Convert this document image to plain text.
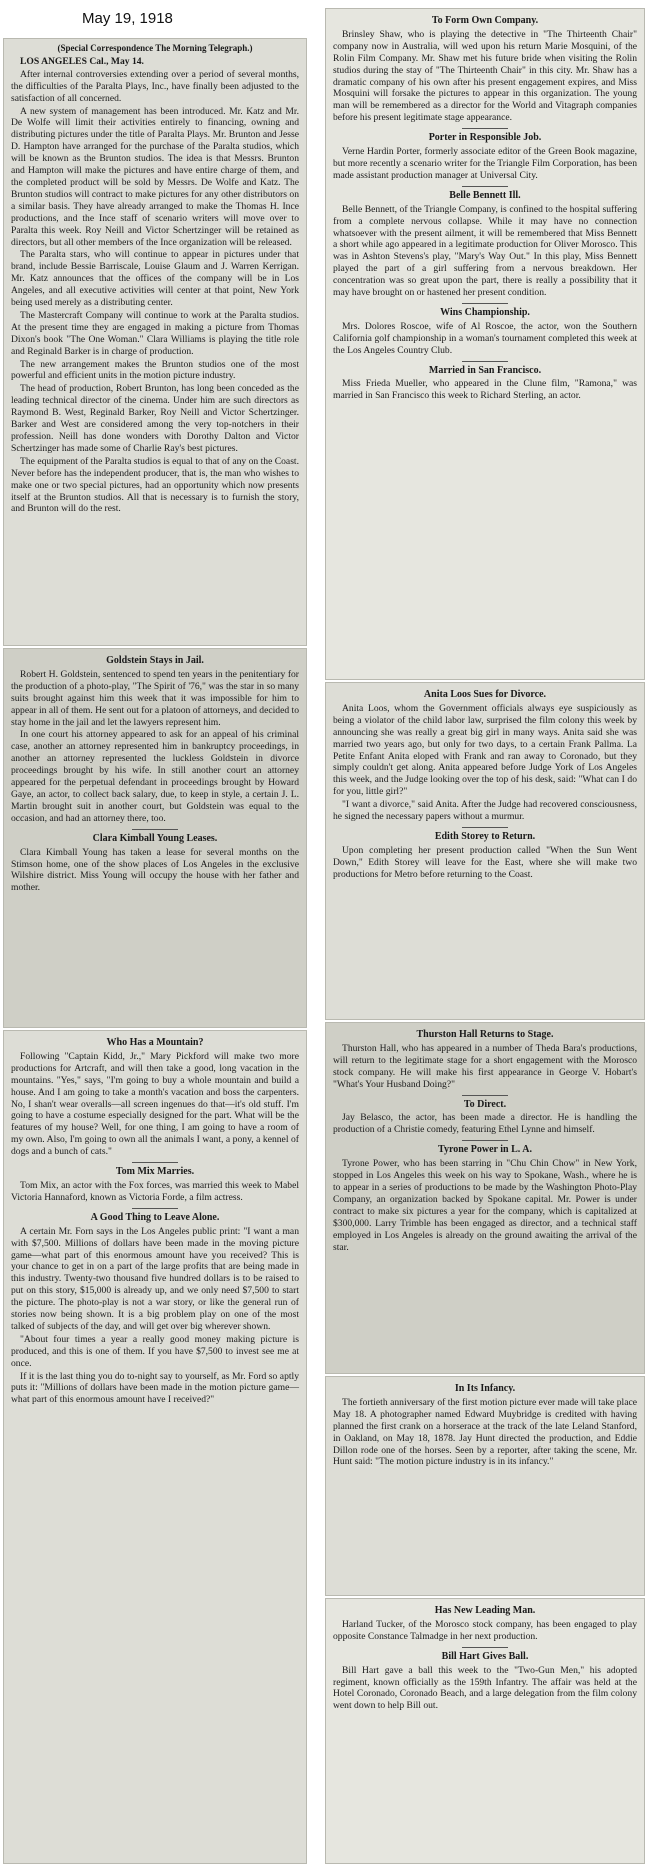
May 19, 1918
(Special Correspondence The Morning Telegraph.)

LOS ANGELES Cal., May 14.

After internal controversies extending over a period of several months, the difficulties of the Paralta Plays, Inc., have finally been adjusted to the satisfaction of all concerned.

A new system of management has been introduced. Mr. Katz and Mr. De Wolfe will limit their activities entirely to financing, owning and distributing pictures under the title of Paralta Plays. Mr. Brunton and Jesse D. Hampton have arranged for the purchase of the Paralta studios, which will be known as the Brunton studios. The idea is that Messrs. Brunton and Hampton will make the pictures and have entire charge of them, and the completed product will be sold by Messrs. De Wolfe and Katz. The Brunton studios will contract to make pictures for any other distributors on a similar basis. They have already arranged to make the Thomas H. Ince productions, and the Ince staff of scenario writers will move over to Paralta this week. Roy Neill and Victor Schertzinger will be retained as directors, but all other members of the Ince organization will be released.

The Paralta stars, who will continue to appear in pictures under that brand, include Bessie Barriscale, Louise Glaum and J. Warren Kerrigan. Mr. Katz announces that the offices of the company will be in Los Angeles, and all executive activities will center at that point, New York being used merely as a distributing center.

The Mastercraft Company will continue to work at the Paralta studios. At the present time they are engaged in making a picture from Thomas Dixon's book "The One Woman." Clara Williams is playing the title role and Reginald Barker is in charge of production.

The new arrangement makes the Brunton studios one of the most powerful and efficient units in the motion picture industry.

The head of production, Robert Brunton, has long been conceded as the leading technical director of the cinema. Under him are such directors as Raymond B. West, Reginald Barker, Roy Neill and Victor Schertzinger. Barker and West are considered among the very top-notchers in their profession. Neill has done wonders with Dorothy Dalton and Victor Schertzinger has made some of Charlie Ray's best pictures.

The equipment of the Paralta studios is equal to that of any on the Coast. Never before has the independent producer, that is, the man who wishes to make one or two special pictures, had an opportunity which now presents itself at the Brunton studios. All that is necessary is to furnish the story, and Brunton will do the rest.

Goldstein Stays in Jail.

Robert H. Goldstein, sentenced to spend ten years in the penitentiary for the production of a photo-play, "The Spirit of '76," was the star in so many suits brought against him this week that it was impossible for him to appear in all of them. He sent out for a platoon of attorneys, and decided to stay home in the jail and let the lawyers represent him.

In one court his attorney appeared to ask for an appeal of his criminal case, another an attorney represented him in bankruptcy proceedings, in another an attorney represented the luckless Goldstein in divorce proceedings brought by his wife. In still another court an attorney appeared for the perpetual defendant in proceedings brought by Howard Gaye, an actor, to collect back salary, due, to keep in style, a certain J. L. Martin brought suit in another court, but Goldstein was equal to the occasion, and had an attorney there, too.

Clara Kimball Young Leases.

Clara Kimball Young has taken a lease for several months on the Stimson home, one of the show places of Los Angeles in the exclusive Wilshire district. Miss Young will occupy the house with her father and mother.

Who Has a Mountain?

Following "Captain Kidd, Jr.," Mary Pickford will make two more productions for Artcraft, and will then take a good, long vacation in the mountains. "Yes," says, "I'm going to buy a whole mountain and build a house. And I am going to take a month's vacation and boss the carpenters. No, I shan't wear overalls—all screen ingenues do that—it's old stuff. I'm going to have a costume especially designed for the part. What will be the features of my house? Well, for one thing, I am going to have a room of my own. Also, I'm going to own all the animals I want, a pony, a kennel of dogs and a bunch of cats."

Tom Mix Marries.

Tom Mix, an actor with the Fox forces, was married this week to Mabel Victoria Hannaford, known as Victoria Forde, a film actress.

A Good Thing to Leave Alone.

A certain Mr. Forn says in the Los Angeles public print: "I want a man with $7,500. Millions of dollars have been made in the moving picture game—what part of this enormous amount have you received? This is your chance to get in on a part of the large profits that are being made in this industry. Twenty-two thousand five hundred dollars is to be raised to put on this story, $15,000 is already up, and we only need $7,500 to start the picture. The photo-play is not a war story, or like the general run of stories now being shown. It is a big problem play on one of the most talked of subjects of the day, and will get over big wherever shown.

"About four times a year a really good money making picture is produced, and this is one of them. If you have $7,500 to invest see me at once.

If it is the last thing you do to-night say to yourself, as Mr. Ford so aptly puts it: "Millions of dollars have been made in the motion picture game—what part of this enormous amount have I received?"

To Form Own Company.

Brinsley Shaw, who is playing the detective in "The Thirteenth Chair" company now in Australia, will wed upon his return Marie Mosquini, of the Rolin Film Company. Mr. Shaw met his future bride when visiting the Rolin studios during the stay of "The Thirteenth Chair" in this city. Mr. Shaw has a dramatic company of his own after his present engagement expires, and Miss Mosquini will forsake the pictures to appear in this organization. The young man will be remembered as a director for the World and Vitagraph companies before his present legitimate stage appearance.

Porter in Responsible Job.

Verne Hardin Porter, formerly associate editor of the Green Book magazine, but more recently a scenario writer for the Triangle Film Corporation, has been made assistant production manager at Universal City.

Belle Bennett Ill.

Belle Bennett, of the Triangle Company, is confined to the hospital suffering from a complete nervous collapse. While it may have no connection whatsoever with the present ailment, it will be remembered that Miss Bennett a short while ago appeared in a legitimate production for Oliver Morosco. This was in Ashton Stevens's play, "Mary's Way Out." In this play, Miss Bennett played the part of a girl suffering from a nervous breakdown. Her concentration was so great upon the part, there is really a possibility that it may have brought on or hastened her present condition.

Wins Championship.

Mrs. Dolores Roscoe, wife of Al Roscoe, the actor, won the Southern California golf championship in a woman's tournament completed this week at the Los Angeles Country Club.

Married in San Francisco.

Miss Frieda Mueller, who appeared in the Clune film, "Ramona," was married in San Francisco this week to Richard Sterling, an actor.

Anita Loos Sues for Divorce.

Anita Loos, whom the Government officials always eye suspiciously as being a violator of the child labor law, surprised the film colony this week by announcing she was really a great big girl in many ways. Anita said she was married two years ago, but only for two days, to a certain Frank Pallma. La Petite Enfant Anita eloped with Frank and ran away to Coronado, but they simply couldn't get along. Anita appeared before Judge York of Los Angeles this week, and the Judge looking over the top of his desk, said: "What can I do for you, little girl?"

"I want a divorce," said Anita. After the Judge had recovered consciousness, he signed the necessary papers without a murmur.

Edith Storey to Return.

Upon completing her present production called "When the Sun Went Down," Edith Storey will leave for the East, where she will make two productions for Metro before returning to the Coast.

Thurston Hall Returns to Stage.

Thurston Hall, who has appeared in a number of Theda Bara's productions, will return to the legitimate stage for a short engagement with the Morosco stock company. He will make his first appearance in George V. Hobart's "What's Your Husband Doing?"

To Direct.

Jay Belasco, the actor, has been made a director. He is handling the production of a Christie comedy, featuring Ethel Lynne and himself.

Tyrone Power in L. A.

Tyrone Power, who has been starring in "Chu Chin Chow" in New York, stopped in Los Angeles this week on his way to Spokane, Wash., where he is to appear in a series of productions to be made by the Washington Photo-Play Company, an organization backed by Spokane capital. Mr. Power is under contract to make six pictures a year for the company, which is capitalized at $300,000. Larry Trimble has been engaged as director, and a technical staff employed in Los Angeles is already on the ground awaiting the arrival of the star.

In Its Infancy.

The fortieth anniversary of the first motion picture ever made will take place May 18. A photographer named Edward Muybridge is credited with having planned the first crank on a horserace at the track of the late Leland Stanford, in Oakland, on May 18, 1878. Jay Hunt directed the production, and Eddie Dillon rode one of the horses. Seen by a reporter, after taking the scene, Mr. Hunt said: "The motion picture industry is in its infancy."

Has New Leading Man.

Harland Tucker, of the Morosco stock company, has been engaged to play opposite Constance Talmadge in her next production.

Bill Hart Gives Ball.

Bill Hart gave a ball this week to the "Two-Gun Men," his adopted regiment, known officially as the 159th Infantry. The affair was held at the Hotel Coronado, Coronado Beach, and a large delegation from the film colony went down to help Bill out.
